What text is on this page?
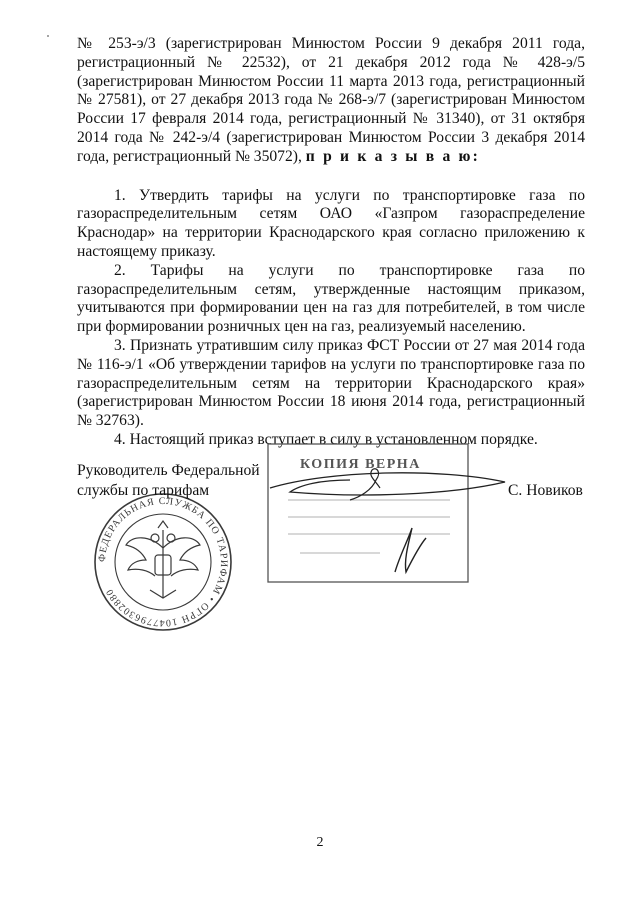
№ 253-э/3 (зарегистрирован Минюстом России 9 декабря 2011 года, регистрационный № 22532), от 21 декабря 2012 года № 428-э/5 (зарегистрирован Минюстом России 11 марта 2013 года, регистрационный № 27581), от 27 декабря 2013 года № 268-э/7 (зарегистрирован Минюстом России 17 февраля 2014 года, регистрационный № 31340), от 31 октября 2014 года № 242-э/4 (зарегистрирован Минюстом России 3 декабря 2014 года, регистрационный № 35072), п р и к а з ы в а ю:

1. Утвердить тарифы на услуги по транспортировке газа по газораспределительным сетям ОАО «Газпром газораспределение Краснодар» на территории Краснодарского края согласно приложению к настоящему приказу.

2. Тарифы на услуги по транспортировке газа по газораспределительным сетям, утвержденные настоящим приказом, учитываются при формировании цен на газ для потребителей, в том числе при формировании розничных цен на газ, реализуемый населению.

3. Признать утратившим силу приказ ФСТ России от 27 мая 2014 года № 116-э/1 «Об утверждении тарифов на услуги по транспортировке газа по газораспределительным сетям на территории Краснодарского края» (зарегистрирован Минюстом России 18 июня 2014 года, регистрационный № 32763).

4. Настоящий приказ вступает в силу в установленном порядке.

КОПИЯ ВЕРНА
ФЕДЕРАЛЬНАЯ СЛУЖБА ПО ТАРИФАМ • ОГРН 1047796302880
Руководитель Федеральной
службы по тарифам	С. Новиков
2
